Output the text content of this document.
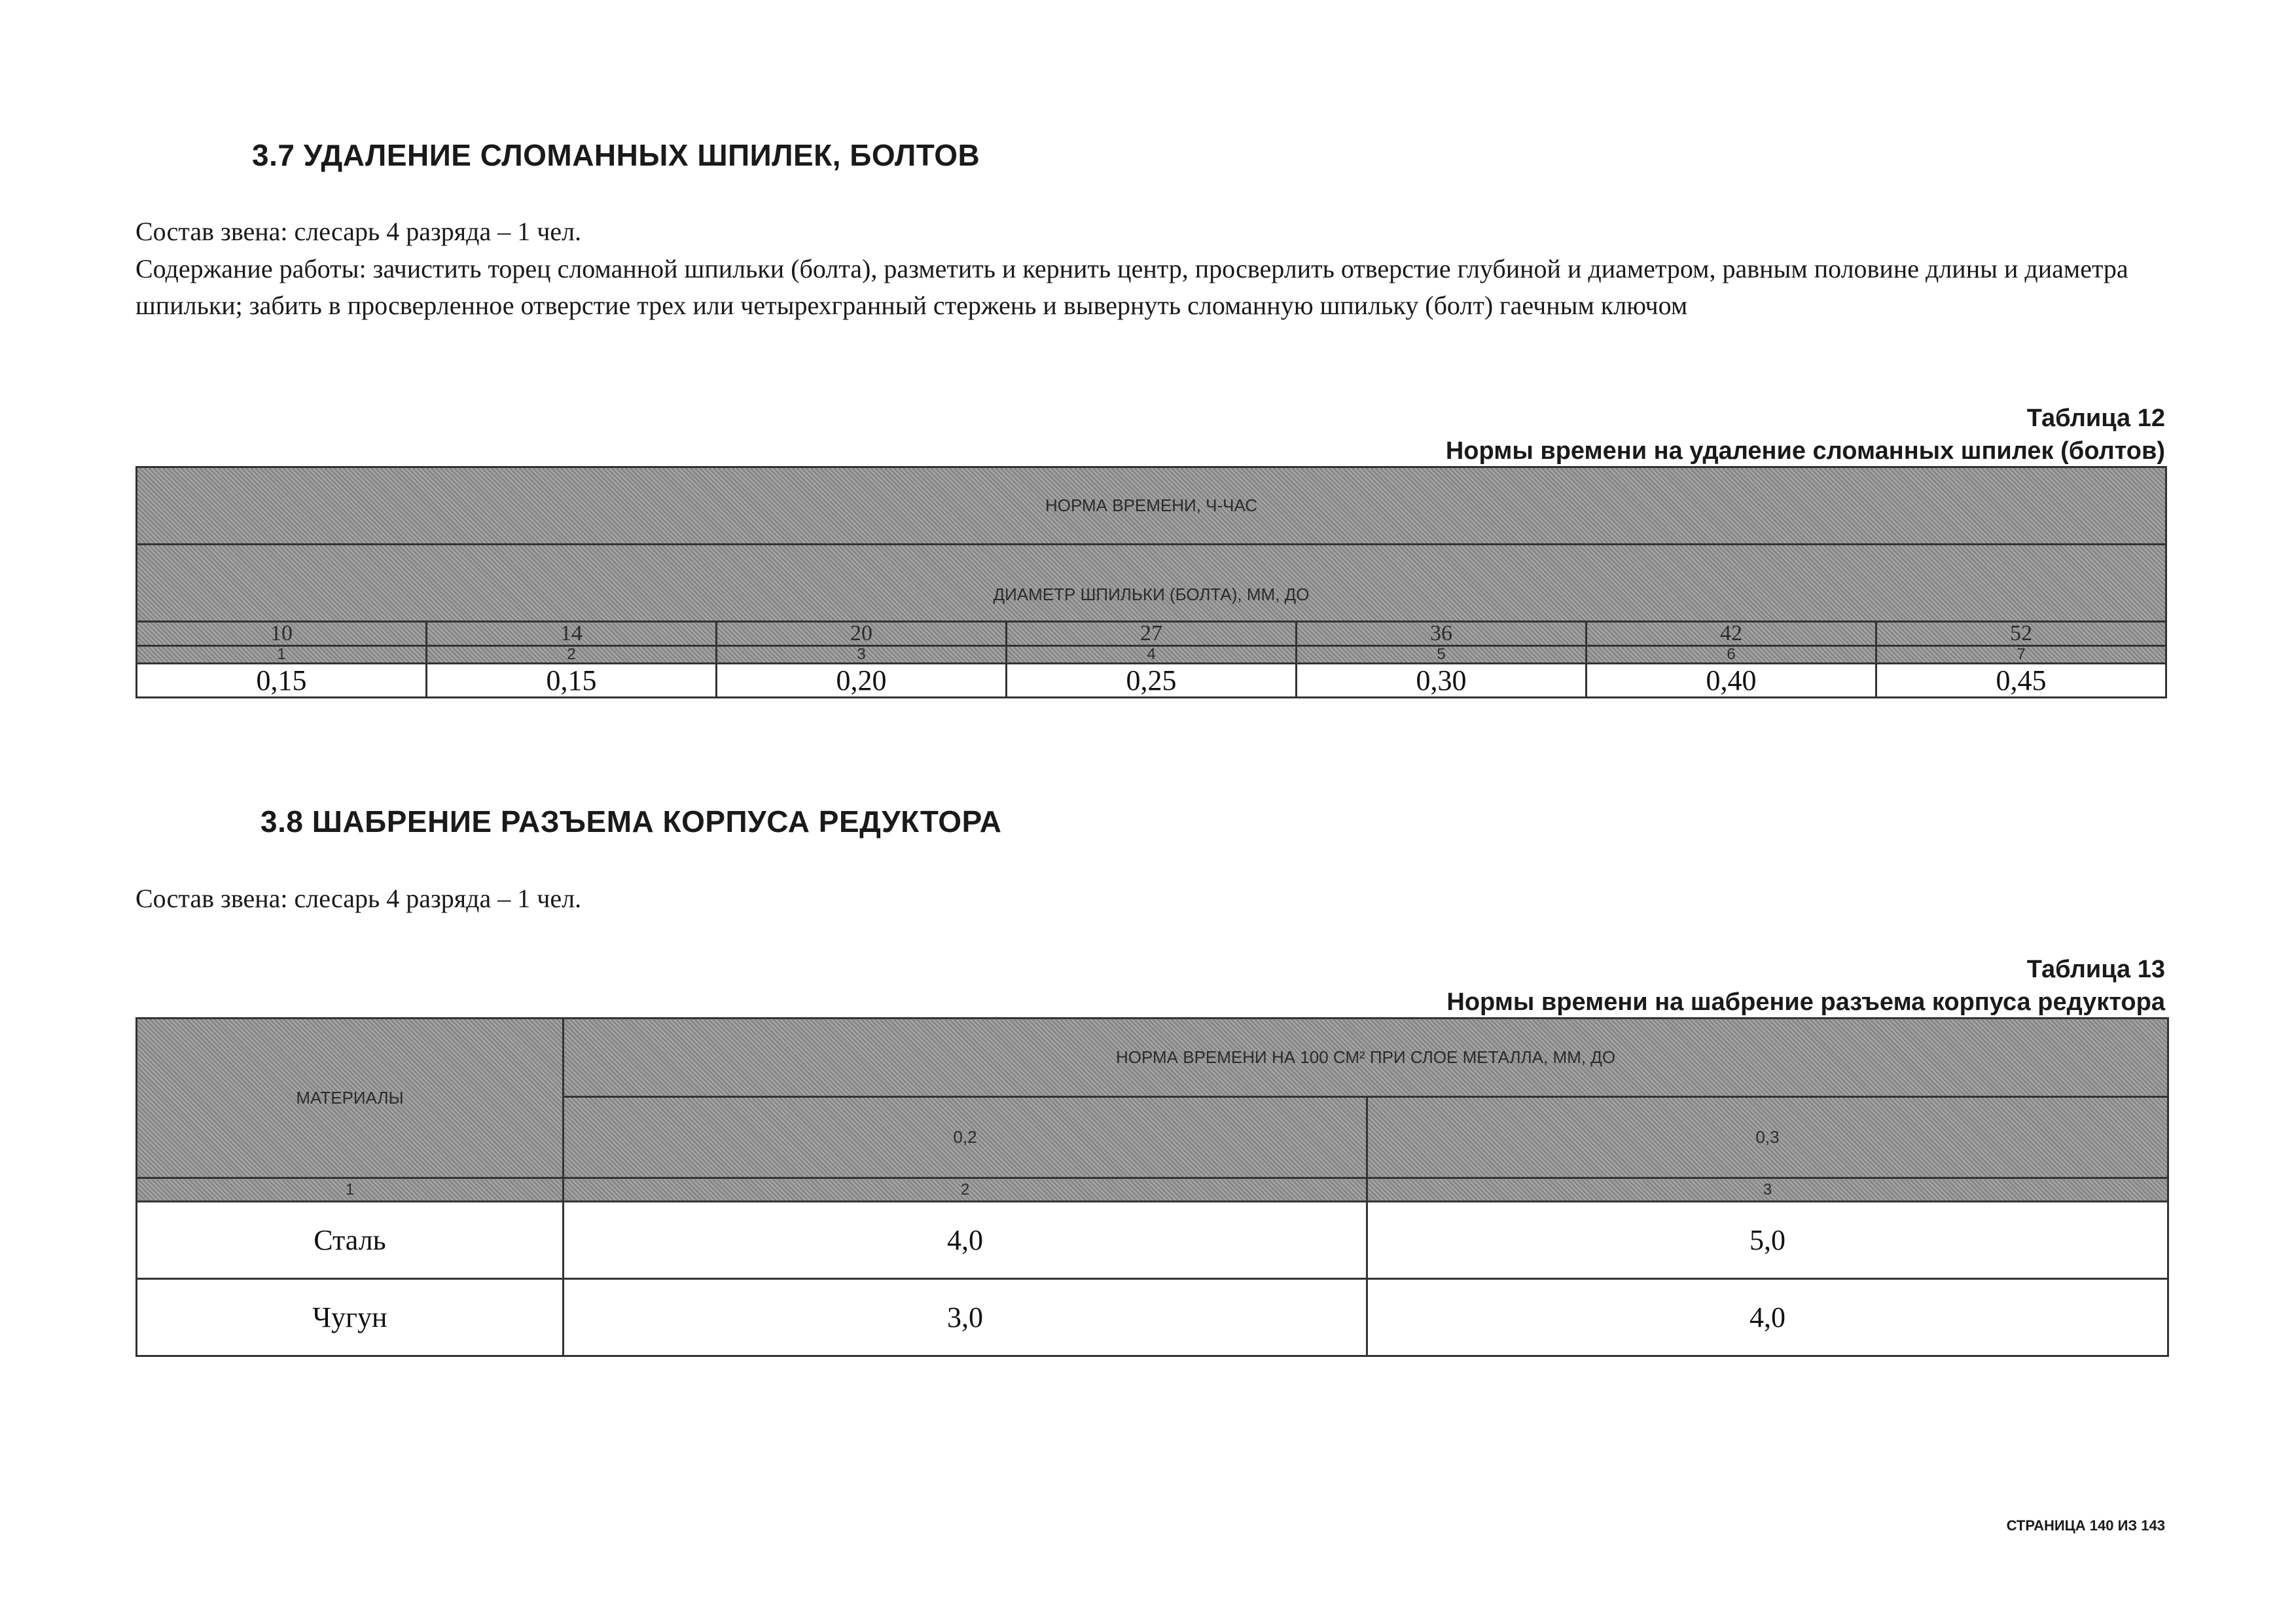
3.7 УДАЛЕНИЕ СЛОМАННЫХ ШПИЛЕК, БОЛТОВ

Состав звена: слесарь 4 разряда – 1 чел.

Содержание работы: зачистить торец сломанной шпильки (болта), разметить и кернить центр, просверлить отверстие глубиной и диаметром, равным половине длины и диаметра шпильки; забить в просверленное отверстие трех или четырехгранный стержень и вывернуть сломанную шпильку (болт) гаечным ключом

Таблица 12
Нормы времени на удаление сломанных шпилек (болтов)
НОРМА ВРЕМЕНИ, Ч-ЧАС						
ДИАМЕТР ШПИЛЬКИ (БОЛТА), ММ, ДО						
10	14	20	27	36	42	52
1	2	3	4	5	6	7
0,15	0,15	0,20	0,25	0,30	0,40	0,45
3.8 ШАБРЕНИЕ РАЗЪЕМА КОРПУСА РЕДУКТОРА

Состав звена: слесарь 4 разряда – 1 чел.

Таблица 13
Нормы времени на шабрение разъема корпуса редуктора
МАТЕРИАЛЫ	НОРМА ВРЕМЕНИ НА 100 СМ² ПРИ СЛОЕ МЕТАЛЛА, ММ, ДО	
	0,2	0,3
1	2	3
Сталь	4,0	5,0
Чугун	3,0	4,0
СТРАНИЦА 140 ИЗ 143
